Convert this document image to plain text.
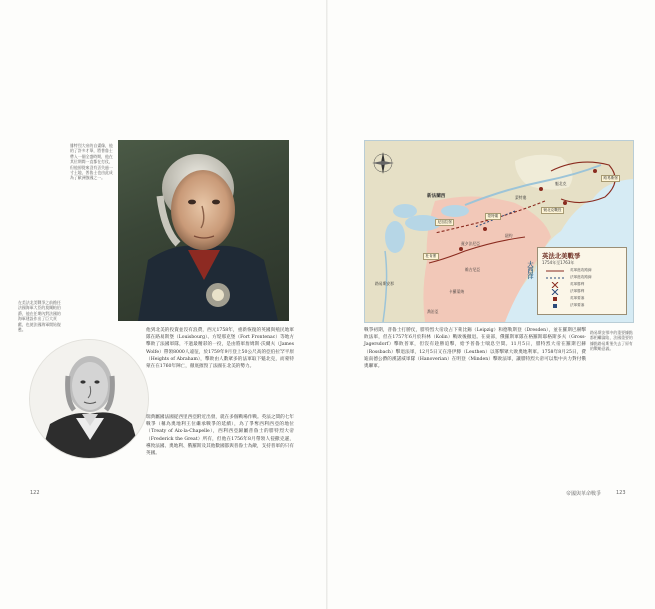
腓特烈大帝的自畫像，他的了許多才華，將普魯士帶入一個全盛時期，他在其位期間一直都在打仗，但他卻從來沒有丟失過一寸土地，普魯士也由此成為了歐洲強國之一。
在美法北美戰爭之前擔任法國海軍大臣的莫爾帕伯爵，他在任期內對法國的海軍建設作出了巨大貢獻，也使法國海軍開始復甦。	他到北美的投資並沒有浪費，西元1758年，重新恢復的英國與殖民地軍隊在路易斯堡（Louisbourg）、方堤那克堡（Fort Frontenac）等地方擊敗了法國軍隊，不過最精彩的一役，是由將軍詹姆斯·沃爾夫（James Wolfe）帶領8000人遠征，於1759年9月登上50公尺高的亞伯拉罕平原（Heights of Abraham），擊敗由人數眾多的法軍取下魁北克，而蒙特蒙在在1760年陣亡，徹底摧毀了法國在北美的勢力。
瑞典屬國法國從西里西亞附近出發，就在多個戰場作戰。英法之間的七年戰爭（稱為奧地利王位繼承戰爭的延續），為了爭奪西利西亞的地位（Treaty of Aix-la-Chapelle），西利西亞歸屬普魯士的腓特烈大帝（Frederick the Great）所有，但他在1756年8月帶領人侵撒克遜，導致法國、奧地利、俄羅斯及其他數國都與普魯士為敵，支持普軍的只有英國。
122
新法蘭西
路易斯安那
魁北克
蒙特婁
紐約
賓夕法尼亞
維吉尼亞
卡羅萊納
喬治亞
路易斯堡
魁北克戰役
蒙特婁
尼加拉堡
杜肯堡
大西洋
英法北美戰爭
1754年至1763年
英軍進攻路線
法軍進攻路線
英軍勝利
法軍勝利
英軍要塞
法軍要塞
路易斯安那中的重要據點都相繼淪陷，法國重要的據點路易斯堡失去了原有的戰略意義。
戰爭初期，普魯士打勝仗，腓特烈大帝攻占下萊比錫（Leipzig）和德勒斯登（Dresden），並在羅斯巴赫擊敗法軍，但在1757年6月於科林（Kolin）戰敗後撤退。在東部，俄羅斯軍隊在格羅斯耶格斯多夫（Gross-Jagersdorf）擊敗普軍，但沒有趁勝追擊，給予普魯士喘息空間。11月5日，腓特烈大帝在羅斯巴赫（Rossbach）擊退法軍，12月5日又在洛伊滕（Leuthen）以寡擊眾大敗奧地利軍。1758年8月25日，費迪南德公爵的漢諾威軍隊（Hanoverian）在明登（Minden）擊敗法軍，讓腓特烈大帝可以集中兵力對付俄奧聯軍。
帝國與革命戰爭	123
